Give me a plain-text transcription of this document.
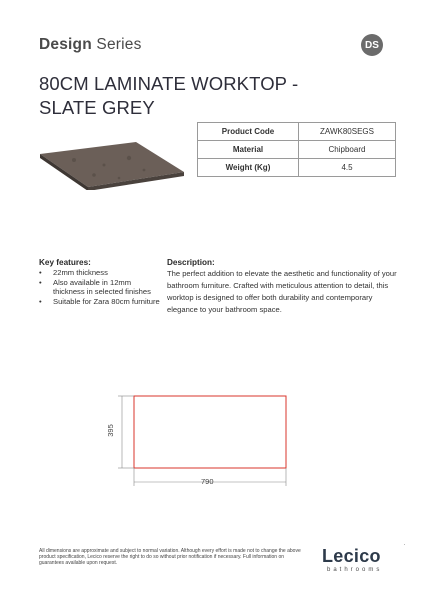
Design Series	DS
80CM LAMINATE WORKTOP -
SLATE GREY
Product Code	ZAWK80SEGS
Material	Chipboard
Weight (Kg)	4.5
Key features:
• 22mm thickness
• Also available in 12mm thickness in selected finishes
• Suitable for Zara 80cm furniture
Description:
The perfect addition to elevate the aesthetic and functionality of your bathroom furniture. Crafted with meticulous attention to detail, this worktop is designed to offer both durability and contemporary elegance to your bathroom space.
790
395
All dimensions are approximate and subject to normal variation. Although every effort is made not to change the above product specification, Lecico reserve the right to do so without prior notification if necessary. Full information on guarantees available upon request.	Lecico
bathrooms
